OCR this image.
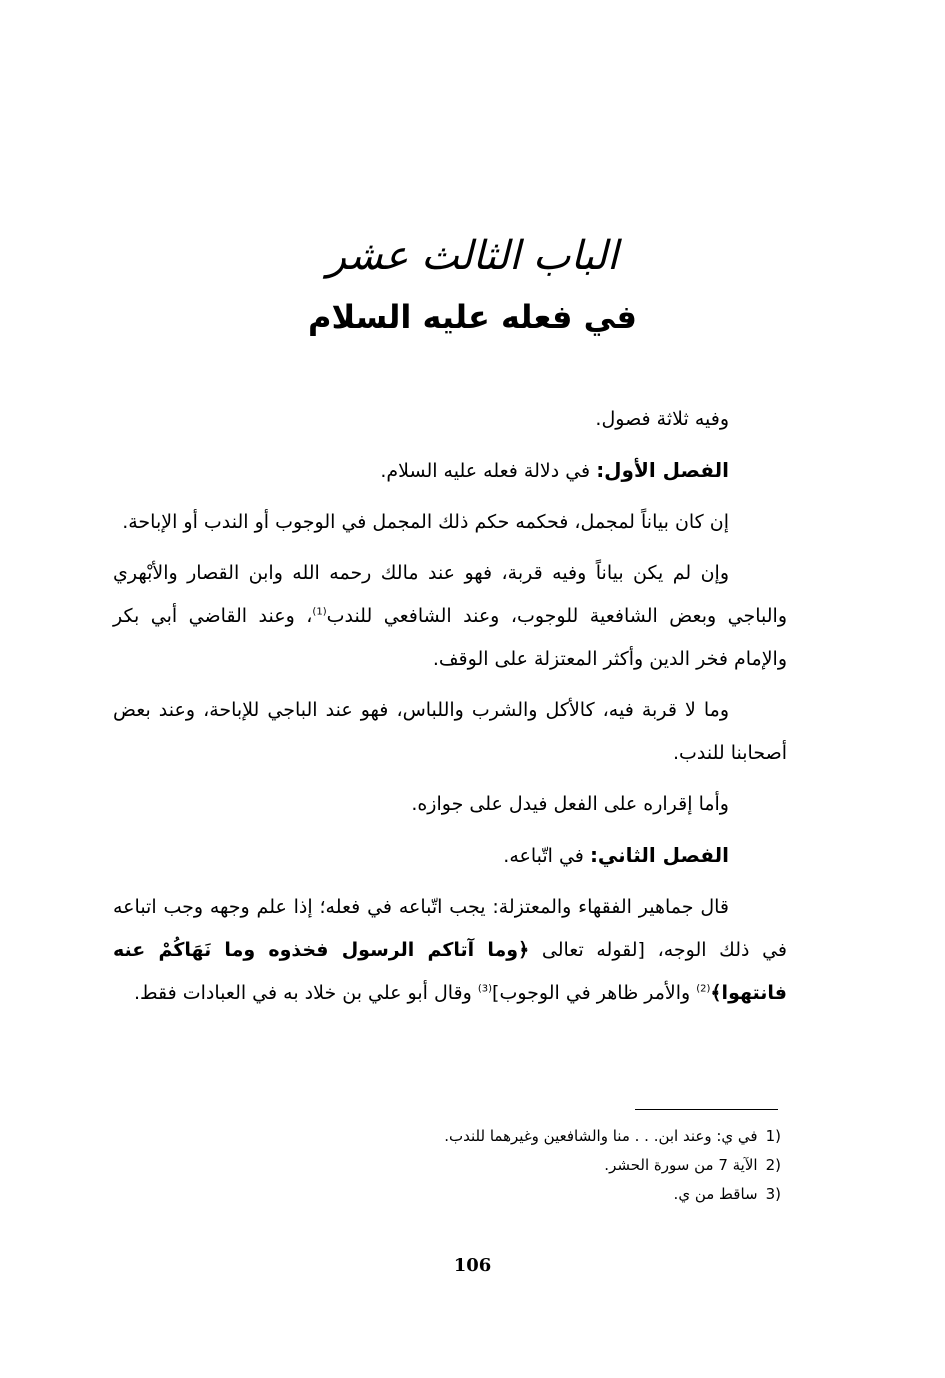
الباب الثالث عشر
في فعله عليه السلام

وفيه ثلاثة فصول.

الفصل الأول: في دلالة فعله عليه السلام.

إن كان بياناً لمجمل، فحكمه حكم ذلك المجمل في الوجوب أو الندب أو الإباحة.

وإن لم يكن بياناً وفيه قربة، فهو عند مالك رحمه الله وابن القصار والأبْهري والباجي وبعض الشافعية للوجوب، وعند الشافعي للندب$^{(1)}$، وعند القاضي أبي بكر والإمام فخر الدين وأكثر المعتزلة على الوقف.

وما لا قربة فيه، كالأكل والشرب واللباس، فهو عند الباجي للإباحة، وعند بعض أصحابنا للندب.

وأما إقراره على الفعل فيدل على جوازه.

الفصل الثاني: في اتّباعه.

قال جماهير الفقهاء والمعتزلة: يجب اتّباعه في فعله؛ إذا علم وجهه وجب اتباعه في ذلك الوجه، [لقوله تعالى ﴿وما آتاكم الرسول فخذوه وما نَهَاكُمْ عنه فانتهوا﴾$^{(2)}$ والأمر ظاهر في الوجوب]$^{(3)}$ وقال أبو علي بن خلاد به في العبادات فقط.

1)في ي: وعند ابن. . . منا والشافعين وغيرهما للندب.
2)الآية 7 من سورة الحشر.
3)ساقط من ي.
106
